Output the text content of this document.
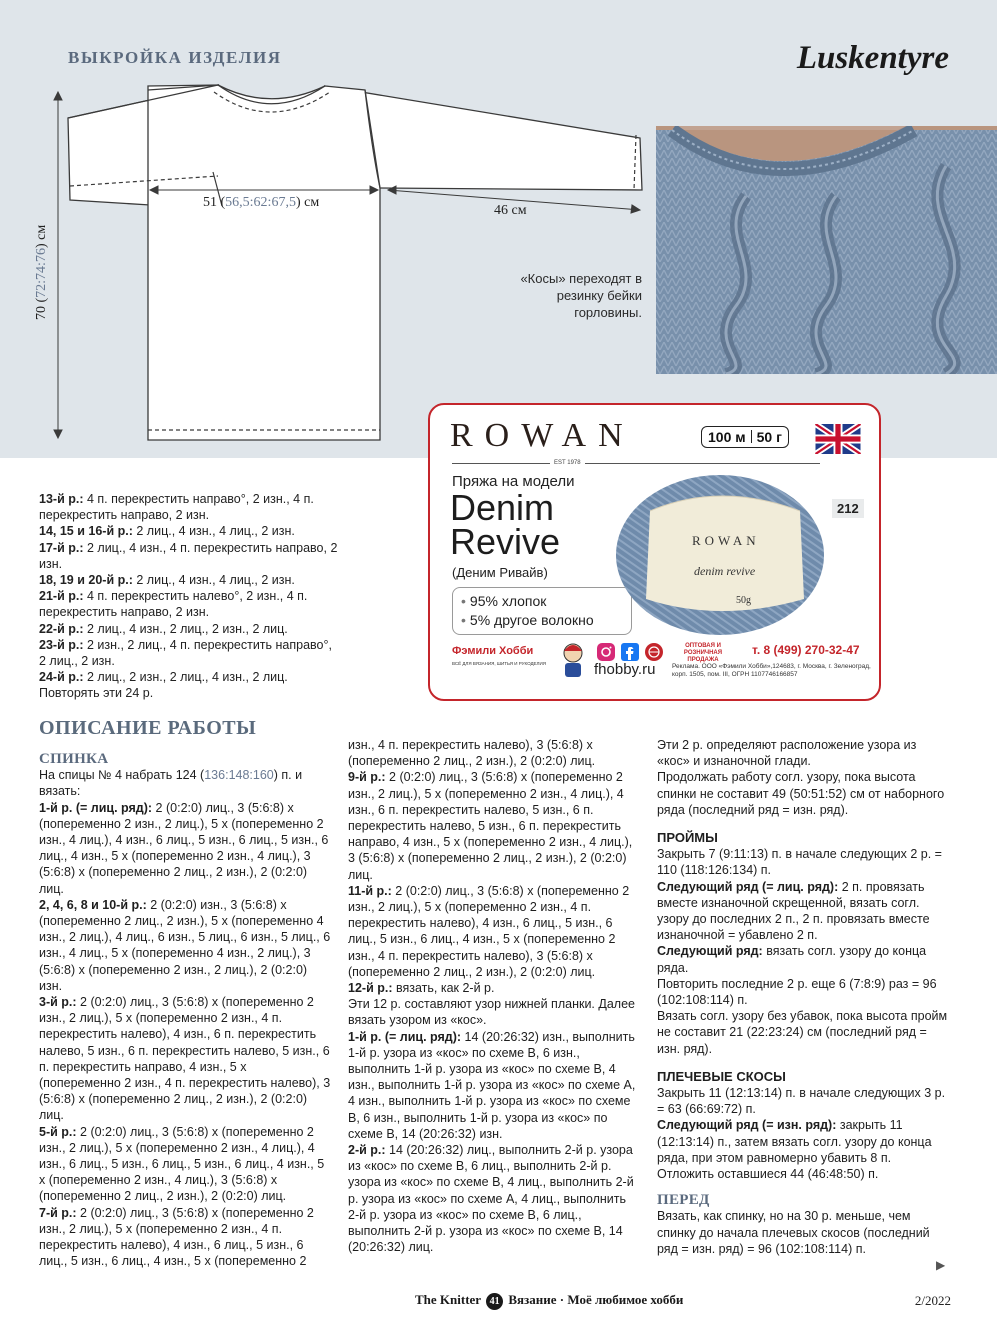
ВЫКРОЙКА ИЗДЕЛИЯ	Luskentyre
51 (56,5:62:67,5) см
46 см
70 (72:74:76) см
«Косы» переходят в резинку бейки горловины.
ROWAN
EST 1978
100 м 50 г
Пряжа на модели
Denim
Revive
(Деним Ривайв)
• 95% хлопок
• 5% другое волокно
ROWAN
denim revive
50g
212
Фэмили Хобби
ВСЁ ДЛЯ ВЯЗАНИЯ, ШИТЬЯ И РУКОДЕЛИЯ	fhobby.ru
ОПТОВАЯ И РОЗНИЧНАЯ ПРОДАЖА
т. 8 (499) 270-32-47
Реклама. ООО «Фэмили Хобби»,124683, г. Москва, г. Зеленоград, корп. 1505, пом. III, ОГРН 1107746166857

13-й р.: 4 п. перекрестить направо°, 2 изн., 4 п. перекрестить направо, 2 изн.

14, 15 и 16-й р.: 2 лиц., 4 изн., 4 лиц., 2 изн.

17-й р.: 2 лиц., 4 изн., 4 п. перекрестить направо, 2 изн.

18, 19 и 20-й р.: 2 лиц., 4 изн., 4 лиц., 2 изн.

21-й р.: 4 п. перекрестить налево°, 2 изн., 4 п. перекрестить направо, 2 изн.

22-й р.: 2 лиц., 4 изн., 2 лиц., 2 изн., 2 лиц.

23-й р.: 2 изн., 2 лиц., 4 п. перекрестить направо°, 2 лиц., 2 изн.

24-й р.: 2 лиц., 2 изн., 2 лиц., 4 изн., 2 лиц.

Повторять эти 24 р.

ОПИСАНИЕ РАБОТЫ
СПИНКА

На спицы № 4 набрать 124 (136:148:160) п. и вязать:

1-й р. (= лиц. ряд): 2 (0:2:0) лиц., 3 (5:6:8) х (попеременно 2 изн., 2 лиц.), 5 х (попеременно 2 изн., 4 лиц.), 4 изн., 6 лиц., 5 изн., 6 лиц., 5 изн., 6 лиц., 4 изн., 5 х (попеременно 2 изн., 4 лиц.), 3 (5:6:8) х (попеременно 2 лиц., 2 изн.), 2 (0:2:0) лиц.

2, 4, 6, 8 и 10-й р.: 2 (0:2:0) изн., 3 (5:6:8) х (попеременно 2 лиц., 2 изн.), 5 х (попеременно 4 изн., 2 лиц.), 4 лиц., 6 изн., 5 лиц., 6 изн., 5 лиц., 6 изн., 4 лиц., 5 х (попеременно 4 изн., 2 лиц.), 3 (5:6:8) х (попеременно 2 изн., 2 лиц.), 2 (0:2:0) изн.

3-й р.: 2 (0:2:0) лиц., 3 (5:6:8) х (попеременно 2 изн., 2 лиц.), 5 х (попеременно 2 изн., 4 п. перекрестить налево), 4 изн., 6 п. перекрестить налево, 5 изн., 6 п. перекрестить налево, 5 изн., 6 п. перекрестить направо, 4 изн., 5 х (попеременно 2 изн., 4 п. перекрестить налево), 3 (5:6:8) х (попеременно 2 лиц., 2 изн.), 2 (0:2:0) лиц.

5-й р.: 2 (0:2:0) лиц., 3 (5:6:8) х (попеременно 2 изн., 2 лиц.), 5 х (попеременно 2 изн., 4 лиц.), 4 изн., 6 лиц., 5 изн., 6 лиц., 5 изн., 6 лиц., 4 изн., 5 х (попеременно 2 изн., 4 лиц.), 3 (5:6:8) х (попеременно 2 лиц., 2 изн.), 2 (0:2:0) лиц.

7-й р.: 2 (0:2:0) лиц., 3 (5:6:8) х (попеременно 2 изн., 2 лиц.), 5 х (попеременно 2 изн., 4 п. перекрестить налево), 4 изн., 6 лиц., 5 изн., 6 лиц., 5 изн., 6 лиц., 4 изн., 5 х (попеременно 2

изн., 4 п. перекрестить налево), 3 (5:6:8) х (попеременно 2 лиц., 2 изн.), 2 (0:2:0) лиц.

9-й р.: 2 (0:2:0) лиц., 3 (5:6:8) х (попеременно 2 изн., 2 лиц.), 5 х (попеременно 2 изн., 4 лиц.), 4 изн., 6 п. перекрестить налево, 5 изн., 6 п. перекрестить налево, 5 изн., 6 п. перекрестить направо, 4 изн., 5 х (попеременно 2 изн., 4 лиц.), 3 (5:6:8) х (попеременно 2 лиц., 2 изн.), 2 (0:2:0) лиц.

11-й р.: 2 (0:2:0) лиц., 3 (5:6:8) х (попеременно 2 изн., 2 лиц.), 5 х (попеременно 2 изн., 4 п. перекрестить налево), 4 изн., 6 лиц., 5 изн., 6 лиц., 5 изн., 6 лиц., 4 изн., 5 х (попеременно 2 изн., 4 п. перекрестить налево), 3 (5:6:8) х (попеременно 2 лиц., 2 изн.), 2 (0:2:0) лиц.

12-й р.: вязать, как 2-й р.

Эти 12 р. составляют узор нижней планки. Далее вязать узором из «кос».

1-й р. (= лиц. ряд): 14 (20:26:32) изн., выполнить 1-й р. узора из «кос» по схеме B, 6 изн., выполнить 1-й р. узора из «кос» по схеме B, 4 изн., выполнить 1-й р. узора из «кос» по схеме A, 4 изн., выполнить 1-й р. узора из «кос» по схеме B, 6 изн., выполнить 1-й р. узора из «кос» по схеме B, 14 (20:26:32) изн.

2-й р.: 14 (20:26:32) лиц., выполнить 2-й р. узора из «кос» по схеме B, 6 лиц., выполнить 2-й р. узора из «кос» по схеме B, 4 лиц., выполнить 2-й р. узора из «кос» по схеме A, 4 лиц., выполнить 2-й р. узора из «кос» по схеме B, 6 лиц., выполнить 2-й р. узора из «кос» по схеме B, 14 (20:26:32) лиц.

Эти 2 р. определяют расположение узора из «кос» и изнаночной глади.

Продолжать работу согл. узору, пока высота спинки не составит 49 (50:51:52) см от наборного ряда (последний ряд = изн. ряд).

ПРОЙМЫ

Закрыть 7 (9:11:13) п. в начале следующих 2 р. = 110 (118:126:134) п.

Следующий ряд (= лиц. ряд): 2 п. провязать вместе изнаночной скрещенной, вязать согл. узору до последних 2 п., 2 п. провязать вместе изнаночной = убавлено 2 п.

Следующий ряд: вязать согл. узору до конца ряда.

Повторить последние 2 р. еще 6 (7:8:9) раз = 96 (102:108:114) п.

Вязать согл. узору без убавок, пока высота пройм не составит 21 (22:23:24) см (последний ряд = изн. ряд).

ПЛЕЧЕВЫЕ СКОСЫ

Закрыть 11 (12:13:14) п. в начале следующих 3 р. = 63 (66:69:72) п.

Следующий ряд (= изн. ряд): закрыть 11 (12:13:14) п., затем вязать согл. узору до конца ряда, при этом равномерно убавить 8 п. Отложить оставшиеся 44 (46:48:50) п.

ПЕРЕД

Вязать, как спинку, но на 30 р. меньше, чем спинку до начала плечевых скосов (последний ряд = изн. ряд) = 96 (102:108:114) п.

▶
The Knitter 41 Вязание · Моё любимое хобби	2/2022
